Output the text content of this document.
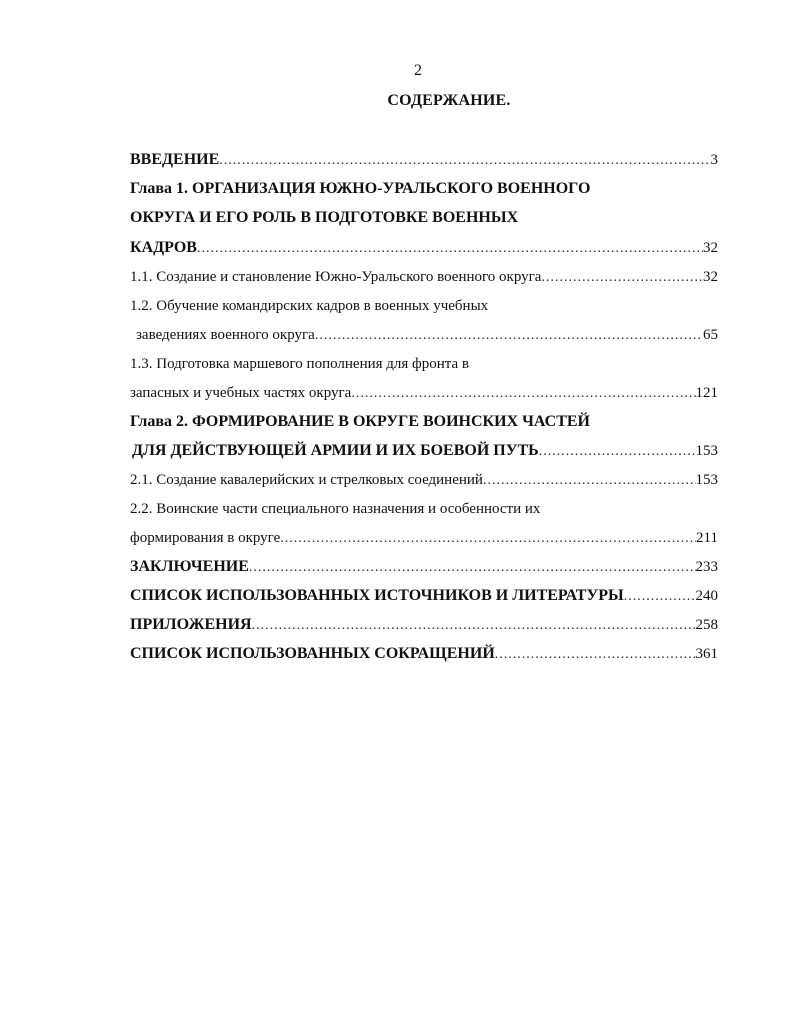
2
СОДЕРЖАНИЕ.
ВВЕДЕНИЕ .....	3
Глава 1. ОРГАНИЗАЦИЯ ЮЖНО-УРАЛЬСКОГО ВОЕННОГО
ОКРУГА И ЕГО РОЛЬ В ПОДГОТОВКЕ ВОЕННЫХ
КАДРОВ .....	32
1.1. Создание и становление Южно-Уральского военного округа .....	32
1.2. Обучение командирских кадров в военных учебных
заведениях военного округа .....	65
1.3. Подготовка маршевого пополнения для фронта в
запасных и учебных частях округа .....	121
Глава 2. ФОРМИРОВАНИЕ В ОКРУГЕ ВОИНСКИХ ЧАСТЕЙ
ДЛЯ ДЕЙСТВУЮЩЕЙ АРМИИ И ИХ БОЕВОЙ ПУТЬ .....	153
2.1. Создание кавалерийских и стрелковых соединений .....	153
2.2. Воинские части специального назначения и особенности их
формирования в округе .....	211
ЗАКЛЮЧЕНИЕ .....	233
СПИСОК ИСПОЛЬЗОВАННЫХ ИСТОЧНИКОВ И ЛИТЕРАТУРЫ .....	240
ПРИЛОЖЕНИЯ .....	258
СПИСОК ИСПОЛЬЗОВАННЫХ СОКРАЩЕНИЙ .....	361
